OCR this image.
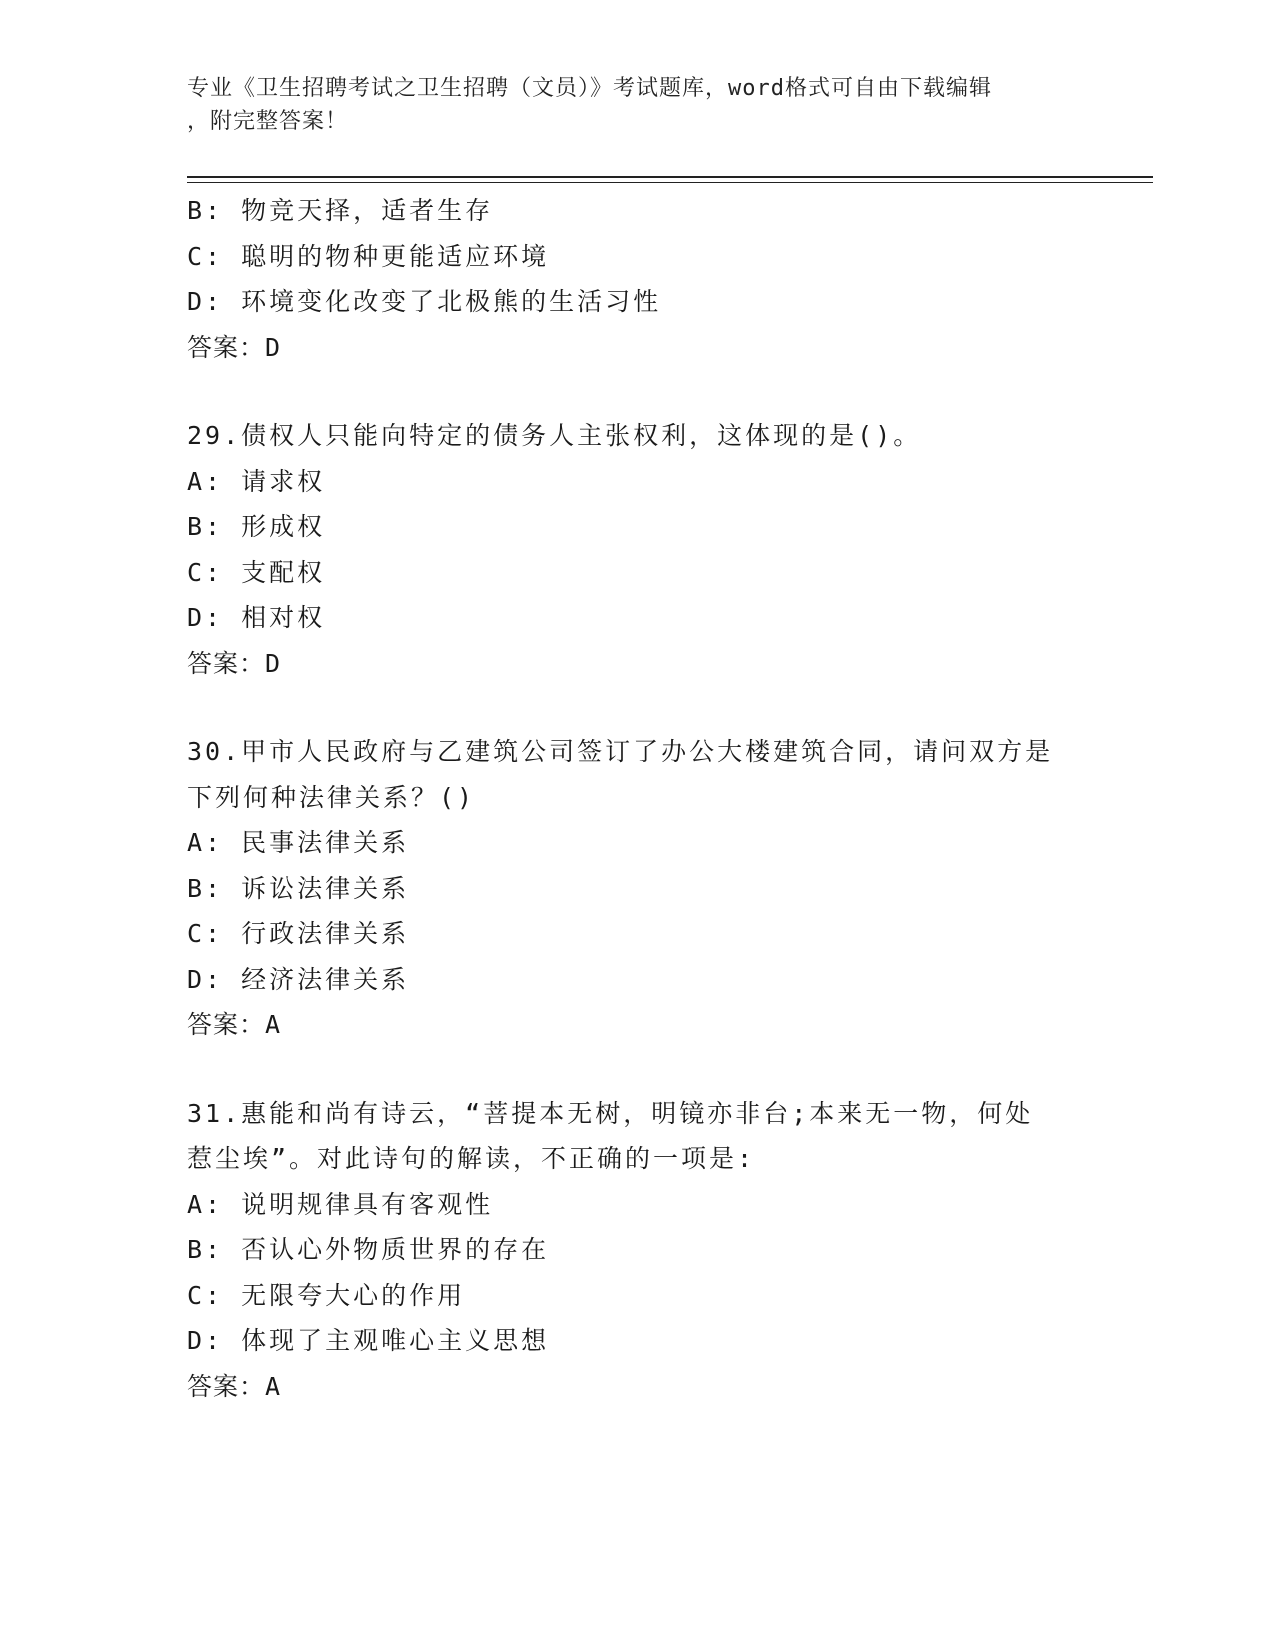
专业《卫生招聘考试之卫生招聘（文员）》考试题库，word格式可自由下载编辑
，附完整答案！
B: 物竞天择，适者生存
C: 聪明的物种更能适应环境
D: 环境变化改变了北极熊的生活习性
答案：D
29.债权人只能向特定的债务人主张权利，这体现的是()。
A: 请求权
B: 形成权
C: 支配权
D: 相对权
答案：D
30.甲市人民政府与乙建筑公司签订了办公大楼建筑合同，请问双方是
下列何种法律关系？()
A: 民事法律关系
B: 诉讼法律关系
C: 行政法律关系
D: 经济法律关系
答案：A
31.惠能和尚有诗云，“菩提本无树，明镜亦非台;本来无一物，何处
惹尘埃”。对此诗句的解读，不正确的一项是:
A: 说明规律具有客观性
B: 否认心外物质世界的存在
C: 无限夸大心的作用
D: 体现了主观唯心主义思想
答案：A
